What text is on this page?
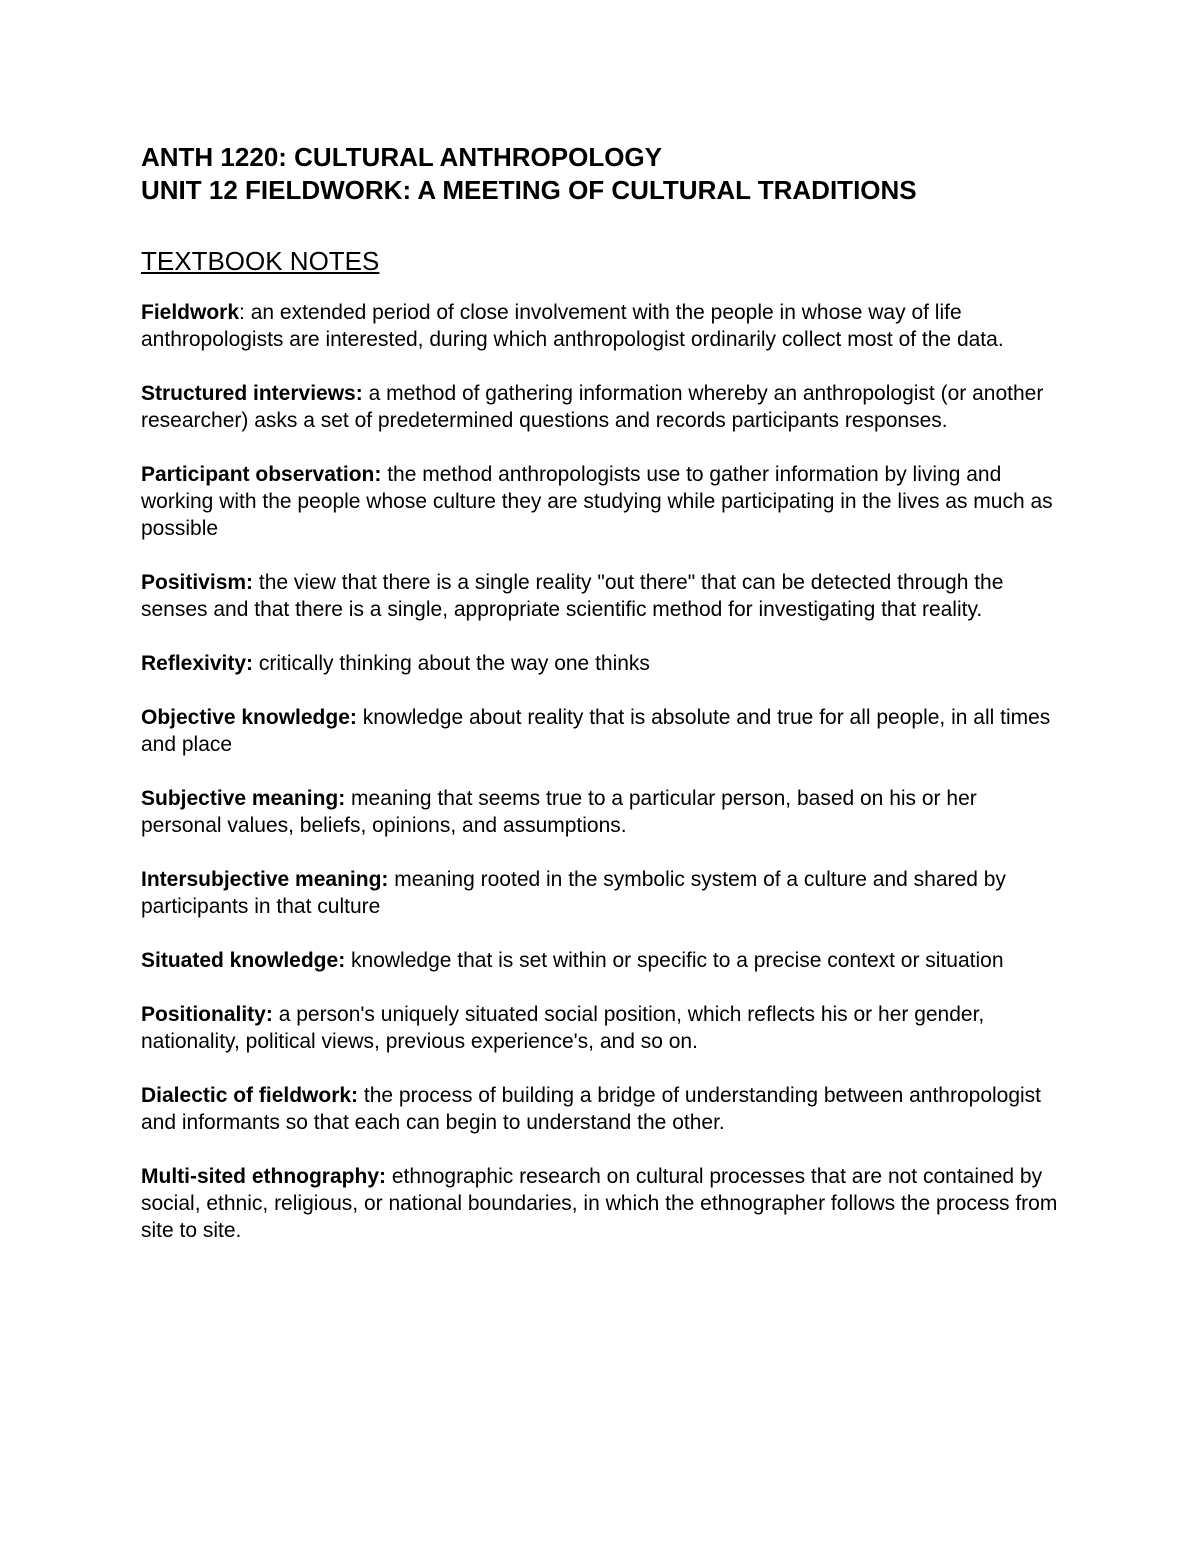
ANTH 1220: CULTURAL ANTHROPOLOGY
UNIT 12 FIELDWORK: A MEETING OF CULTURAL TRADITIONS
TEXTBOOK NOTES

Fieldwork: an extended period of close involvement with the people in whose way of life anthropologists are interested, during which anthropologist ordinarily collect most of the data.

Structured interviews: a method of gathering information whereby an anthropologist (or another researcher) asks a set of predetermined questions and records participants responses.

Participant observation: the method anthropologists use to gather information by living and working with the people whose culture they are studying while participating in the lives as much as possible

Positivism: the view that there is a single reality "out there" that can be detected through the senses and that there is a single, appropriate scientific method for investigating that reality.

Reflexivity: critically thinking about the way one thinks

Objective knowledge: knowledge about reality that is absolute and true for all people, in all times and place

Subjective meaning: meaning that seems true to a particular person, based on his or her personal values, beliefs, opinions, and assumptions.

Intersubjective meaning: meaning rooted in the symbolic system of a culture and shared by participants in that culture

Situated knowledge: knowledge that is set within or specific to a precise context or situation

Positionality: a person's uniquely situated social position, which reflects his or her gender, nationality, political views, previous experience's, and so on.

Dialectic of fieldwork: the process of building a bridge of understanding between anthropologist and informants so that each can begin to understand the other.

Multi-sited ethnography: ethnographic research on cultural processes that are not contained by social, ethnic, religious, or national boundaries, in which the ethnographer follows the process from site to site.
